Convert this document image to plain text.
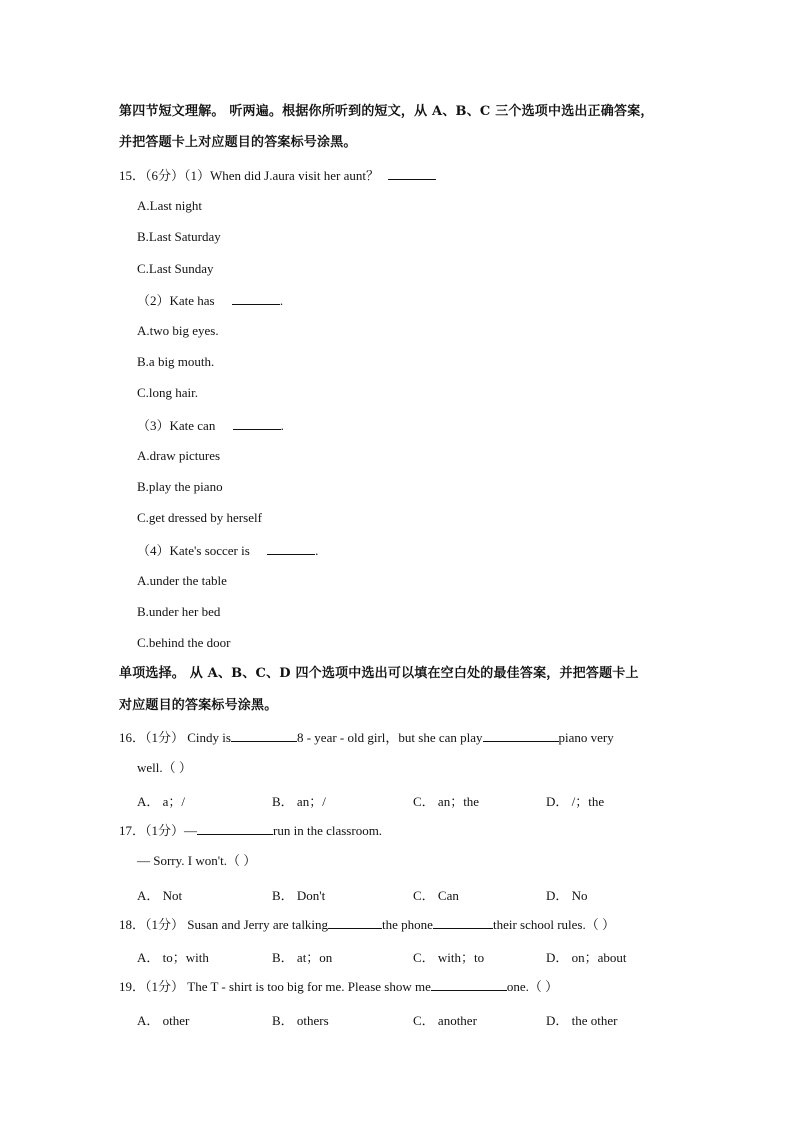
第四节短文理解。 听两遍。根据你所听到的短文，从 A、B、C 三个选项中选出正确答案，
并把答题卡上对应题目的答案标号涂黑。
15．（6分）（1）When did J.aura visit her aunt？
A.Last night
B.Last Saturday
C.Last Sunday
（2）Kate has	.
A.two big eyes.
B.a big mouth.
C.long hair.
（3）Kate can	.
A.draw pictures
B.play the piano
C.get dressed by herself
（4）Kate's soccer is	.
A.under the table
B.under her bed
C.behind the door
单项选择。 从 A、B、C、D 四个选项中选出可以填在空白处的最佳答案，并把答题卡上
对应题目的答案标号涂黑。
16．（1分） Cindy is	8 - year - old girl，but she can play	piano very
well.（ ）
A． a；/	B． an；/	C． an；the	D． /；the
17．（1分）—	run in the classroom.
— Sorry. I won't.（ ）
A． Not	B． Don't	C． Can	D． No
18．（1分） Susan and Jerry are talking	the phone	their school rules.（ ）
A． to；with	B． at；on	C． with；to	D． on；about
19．（1分） The T - shirt is too big for me. Please show me	one.（ ）
A． other	B． others	C． another	D． the other
